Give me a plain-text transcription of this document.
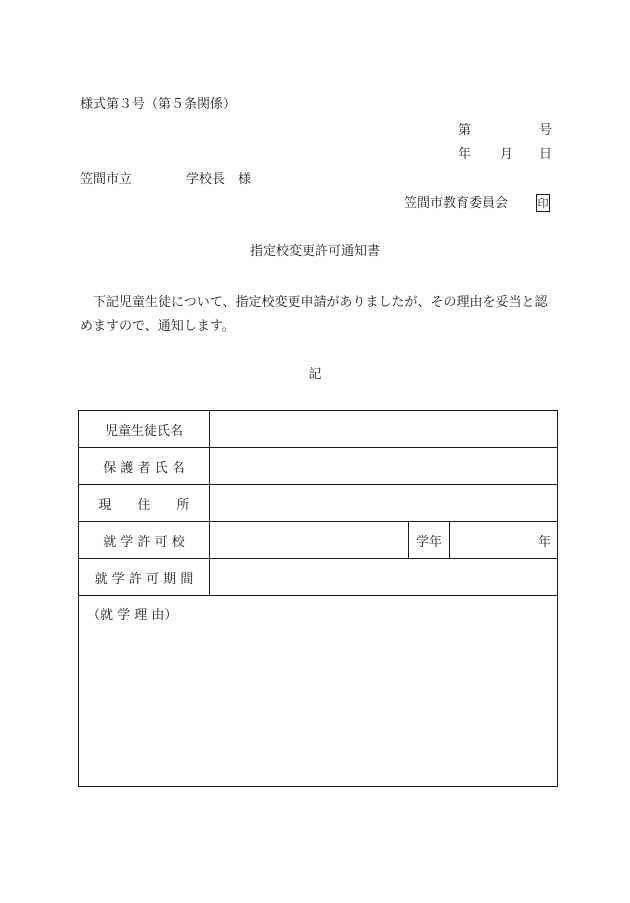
様式第３号（第５条関係）
第	号
年 月 日
笠間市立	学校長　様
笠間市教育委員会	印
指定校変更許可通知書
下記児童生徒について、指定校変更申請がありましたが、その理由を妥当と認めますので、通知します。
記
児童生徒氏名			
保 護 者 氏 名			
現　　住　　所			
就 学 許 可 校		学年	年

就 学 許 可 期 間			
（就 学 理 由）			
